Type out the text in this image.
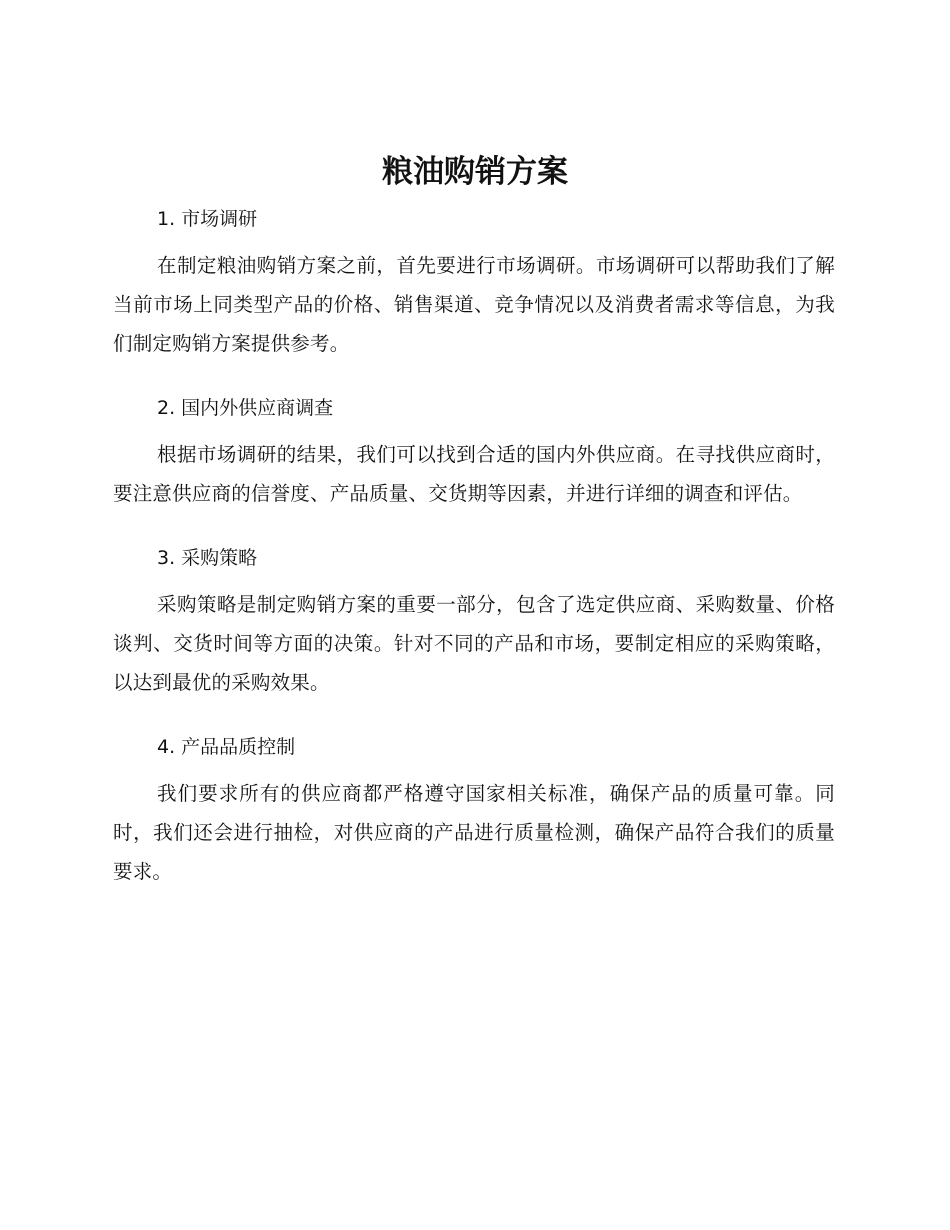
粮油购销方案
1. 市场调研

在制定粮油购销方案之前，首先要进行市场调研。市场调研可以帮助我们了解当前市场上同类型产品的价格、销售渠道、竞争情况以及消费者需求等信息，为我们制定购销方案提供参考。

2. 国内外供应商调查

根据市场调研的结果，我们可以找到合适的国内外供应商。在寻找供应商时，要注意供应商的信誉度、产品质量、交货期等因素，并进行详细的调查和评估。

3. 采购策略

采购策略是制定购销方案的重要一部分，包含了选定供应商、采购数量、价格谈判、交货时间等方面的决策。针对不同的产品和市场，要制定相应的采购策略，以达到最优的采购效果。

4. 产品品质控制

我们要求所有的供应商都严格遵守国家相关标准，确保产品的质量可靠。同时，我们还会进行抽检，对供应商的产品进行质量检测，确保产品符合我们的质量要求。
